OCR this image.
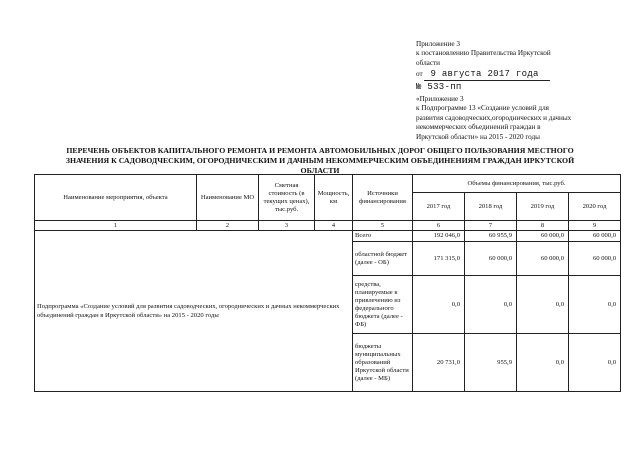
Приложение 3
к постановлению Правительства Иркутской
области
от 9 августа 2017 года
№ 533-пп
«Приложение 3
к Подпрограмме 13 «Создание условий для
развития садоводческих,огороднических и дачных
некоммерческих объединений граждан в
Иркутской области» на 2015 - 2020 годы
ПЕРЕЧЕНЬ ОБЪЕКТОВ КАПИТАЛЬНОГО РЕМОНТА И РЕМОНТА АВТОМОБИЛЬНЫХ ДОРОГ ОБЩЕГО ПОЛЬЗОВАНИЯ МЕСТНОГО
ЗНАЧЕНИЯ К САДОВОДЧЕСКИМ, ОГОРОДНИЧЕСКИМ И ДАЧНЫМ НЕКОММЕРЧЕСКИМ ОБЪЕДИНЕНИЯМ ГРАЖДАН ИРКУТСКОЙ
ОБЛАСТИ
Наименование мероприятия, объекта	Наименование МО	Сметная стоимость (в текущих ценах), тыс.руб.	Мощность, км	Источники финансирования	Объемы финансирования, тыс.руб.			
					2017 год	2018 год	2019 год	2020 год
1	2	3	4	5	6	7	8	9
Подпрограмма «Создание условий для развития садоводческих, огороднических и дачных некоммерческих объединений граждан в Иркутской области» на 2015 - 2020 годы				Всего	192 046,0	60 955,9	60 000,0	60 000,0
				областной бюджет (далее - ОБ)	171 315,0	60 000,0	60 000,0	60 000,0
				средства, планируемые к привлечению из федерального бюджета (далее - ФБ)	0,0	0,0	0,0	0,0
				бюджеты муниципальных образований Иркутской области (далее - МБ)	20 731,0	955,9	0,0	0,0
